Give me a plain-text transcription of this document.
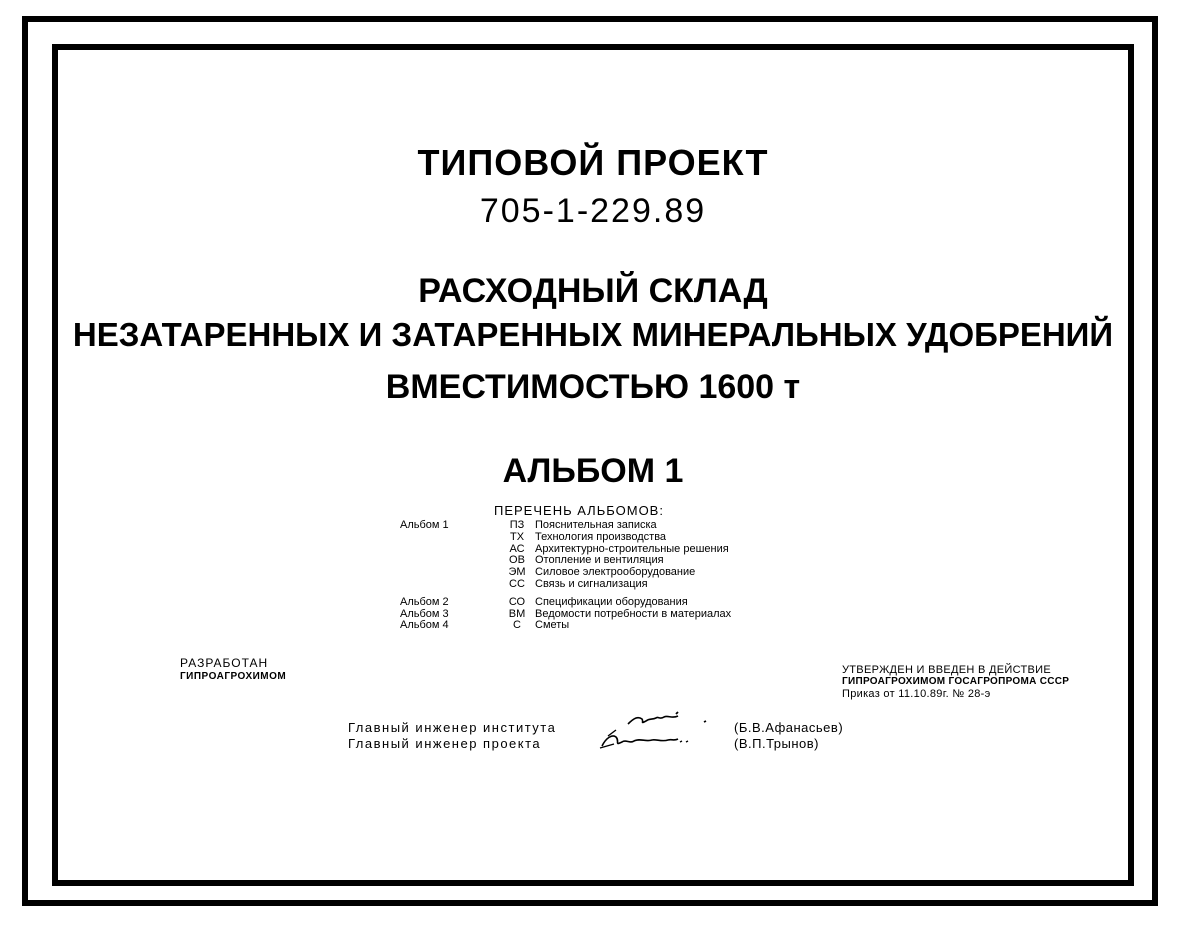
ТИПОВОЙ ПРОЕКТ
705-1-229.89
РАСХОДНЫЙ СКЛАД
НЕЗАТАРЕННЫХ И ЗАТАРЕННЫХ МИНЕРАЛЬНЫХ УДОБРЕНИЙ
ВМЕСТИМОСТЬЮ 1600 т
АЛЬБОМ 1
ПЕРЕЧЕНЬ АЛЬБОМОВ:
Альбом 1	ПЗ Пояснительная записка
ТХ Технология производства
АС Архитектурно-строительные решения
ОВ Отопление и вентиляция
ЭМ Силовое электрооборудование
СС Связь и сигнализация
Альбом 2	СО Спецификации оборудования
Альбом 3	ВМ Ведомости потребности в материалах
Альбом 4	С	Сметы
РАЗРАБОТАН
ГИПРОАГРОХИМОМ
УТВЕРЖДЕН И ВВЕДЕН В ДЕЙСТВИЕ
ГИПРОАГРОХИМОМ ГОСАГРОПРОМА СССР
Приказ от 11.10.89г. № 28-э
Главный инженер института
Главный инженер проекта
(Б.В.Афанасьев)
(В.П.Трынов)
